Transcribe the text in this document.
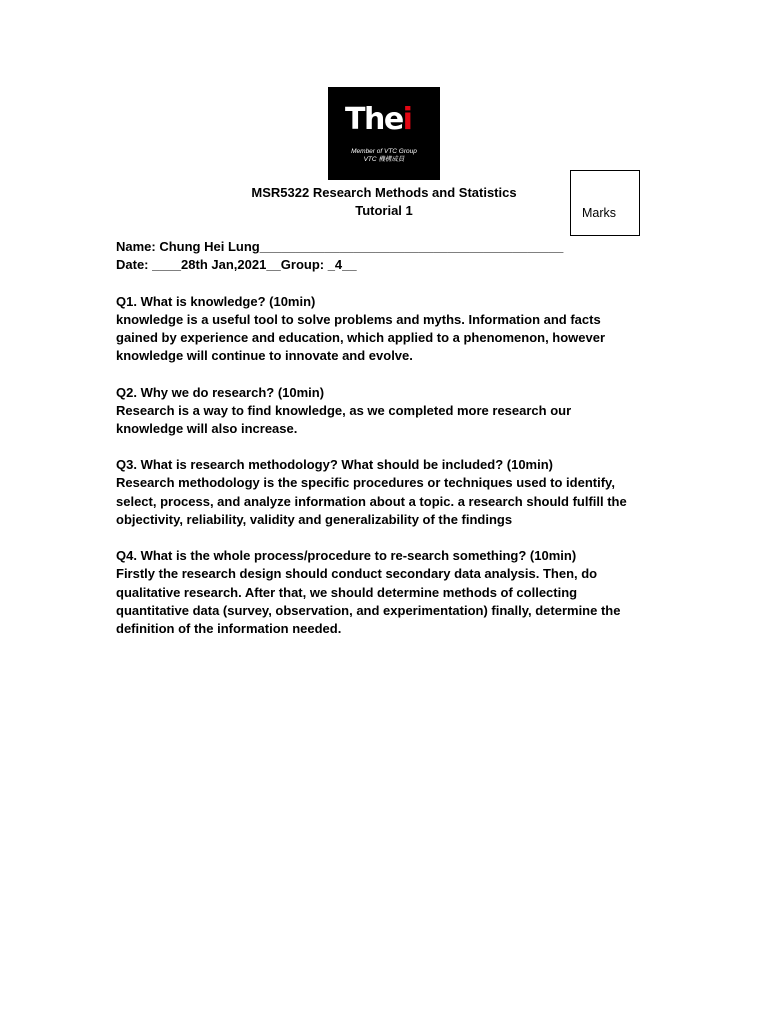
Thei
Member of VTC Group
VTC 機構成員
MSR5322 Research Methods and Statistics
Tutorial 1	Marks
Name: Chung Hei Lung__________________________________________
Date: ____28th Jan,2021__Group: _4__
Q1. What is knowledge? (10min)
knowledge is a useful tool to solve problems and myths. Information and facts
gained by experience and education, which applied to a phenomenon, however
knowledge will continue to innovate and evolve.
Q2. Why we do research? (10min)
Research is a way to find knowledge, as we completed more research our
knowledge will also increase.
Q3. What is research methodology? What should be included? (10min)
Research methodology is the specific procedures or techniques used to identify,
select, process, and analyze information about a topic. a research should fulfill the
objectivity, reliability, validity and generalizability of the findings
Q4. What is the whole process/procedure to re-search something? (10min)
Firstly the research design should conduct secondary data analysis. Then, do
qualitative research. After that, we should determine methods of collecting
quantitative data (survey, observation, and experimentation) finally, determine the
definition of the information needed.
